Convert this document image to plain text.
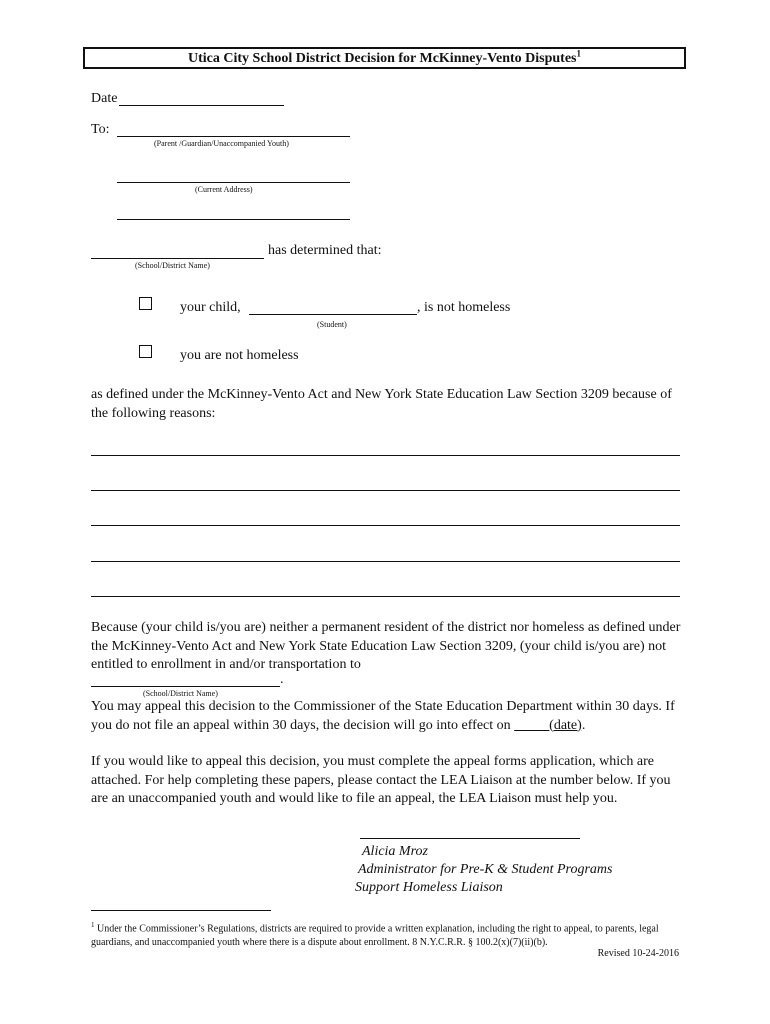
Utica City School District Decision for McKinney-Vento Disputes$^1$
Date
To:
(Parent /Guardian/Unaccompanied Youth)
(Current Address)
has determined that:
(School/District Name)
your child,	, is not homeless
(Student)
you are not homeless
as defined under the McKinney-Vento Act and New York State Education Law Section 3209 because of the following reasons:
Because (your child is/you are) neither a permanent resident of the district nor homeless as defined under the McKinney-Vento Act and New York State Education Law Section 3209, (your child is/you are) not entitled to enrollment in and/or transportation to
.
(School/District Name)
You may appeal this decision to the Commissioner of the State Education Department within 30 days. If you do not file an appeal within 30 days, the decision will go into effect on	(date).
If you would like to appeal this decision, you must complete the appeal forms application, which are attached. For help completing these papers, please contact the LEA Liaison at the number below. If you are an unaccompanied youth and would like to file an appeal, the LEA Liaison must help you.
Alicia Mroz
Administrator for Pre-K & Student Programs
Support Homeless Liaison
$^1$ Under the Commissioner’s Regulations, districts are required to provide a written explanation, including the right to appeal, to parents, legal guardians, and unaccompanied youth where there is a dispute about enrollment. 8 N.Y.C.R.R. § 100.2(x)(7)(ii)(b).
Revised 10-24-2016
